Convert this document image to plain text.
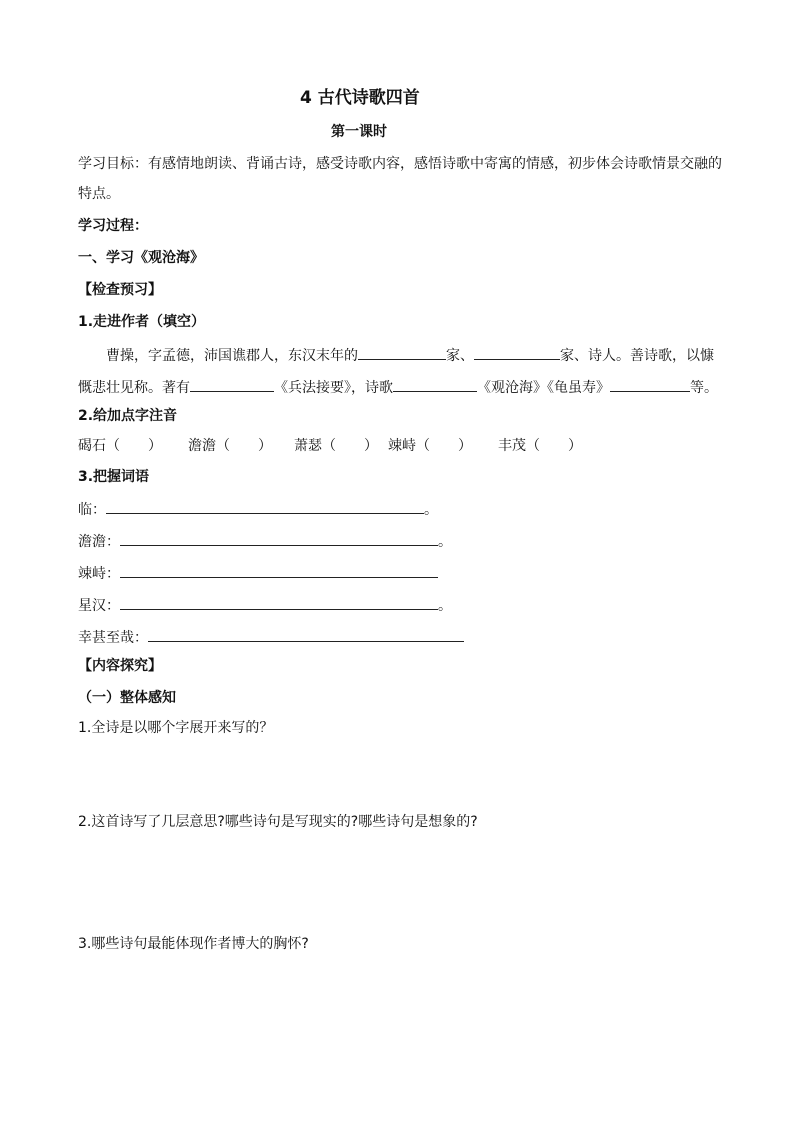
4 古代诗歌四首
第一课时
学习目标：有感情地朗读、背诵古诗，感受诗歌内容，感悟诗歌中寄寓的情感，初步体会诗歌情景交融的
特点。
学习过程：
一、学习《观沧海》
【检查预习】
1.走进作者（填空）
曹操，字孟德，沛国谯郡人，东汉末年的	家、	家、诗人。善诗歌，以慷
慨悲壮见称。著有	《兵法接要》，诗歌	《观沧海》《龟虽寿》	等。
2.给加点字注音
碣石（　　） 澹澹（　　） 萧瑟（　　） 竦峙（　　） 丰茂（　　）
3.把握词语
临：	。
澹澹：	。
竦峙：
星汉：	。
幸甚至哉：
【内容探究】
（一）整体感知
1.全诗是以哪个字展开来写的？
2.这首诗写了几层意思?哪些诗句是写现实的?哪些诗句是想象的?
3.哪些诗句最能体现作者博大的胸怀?
